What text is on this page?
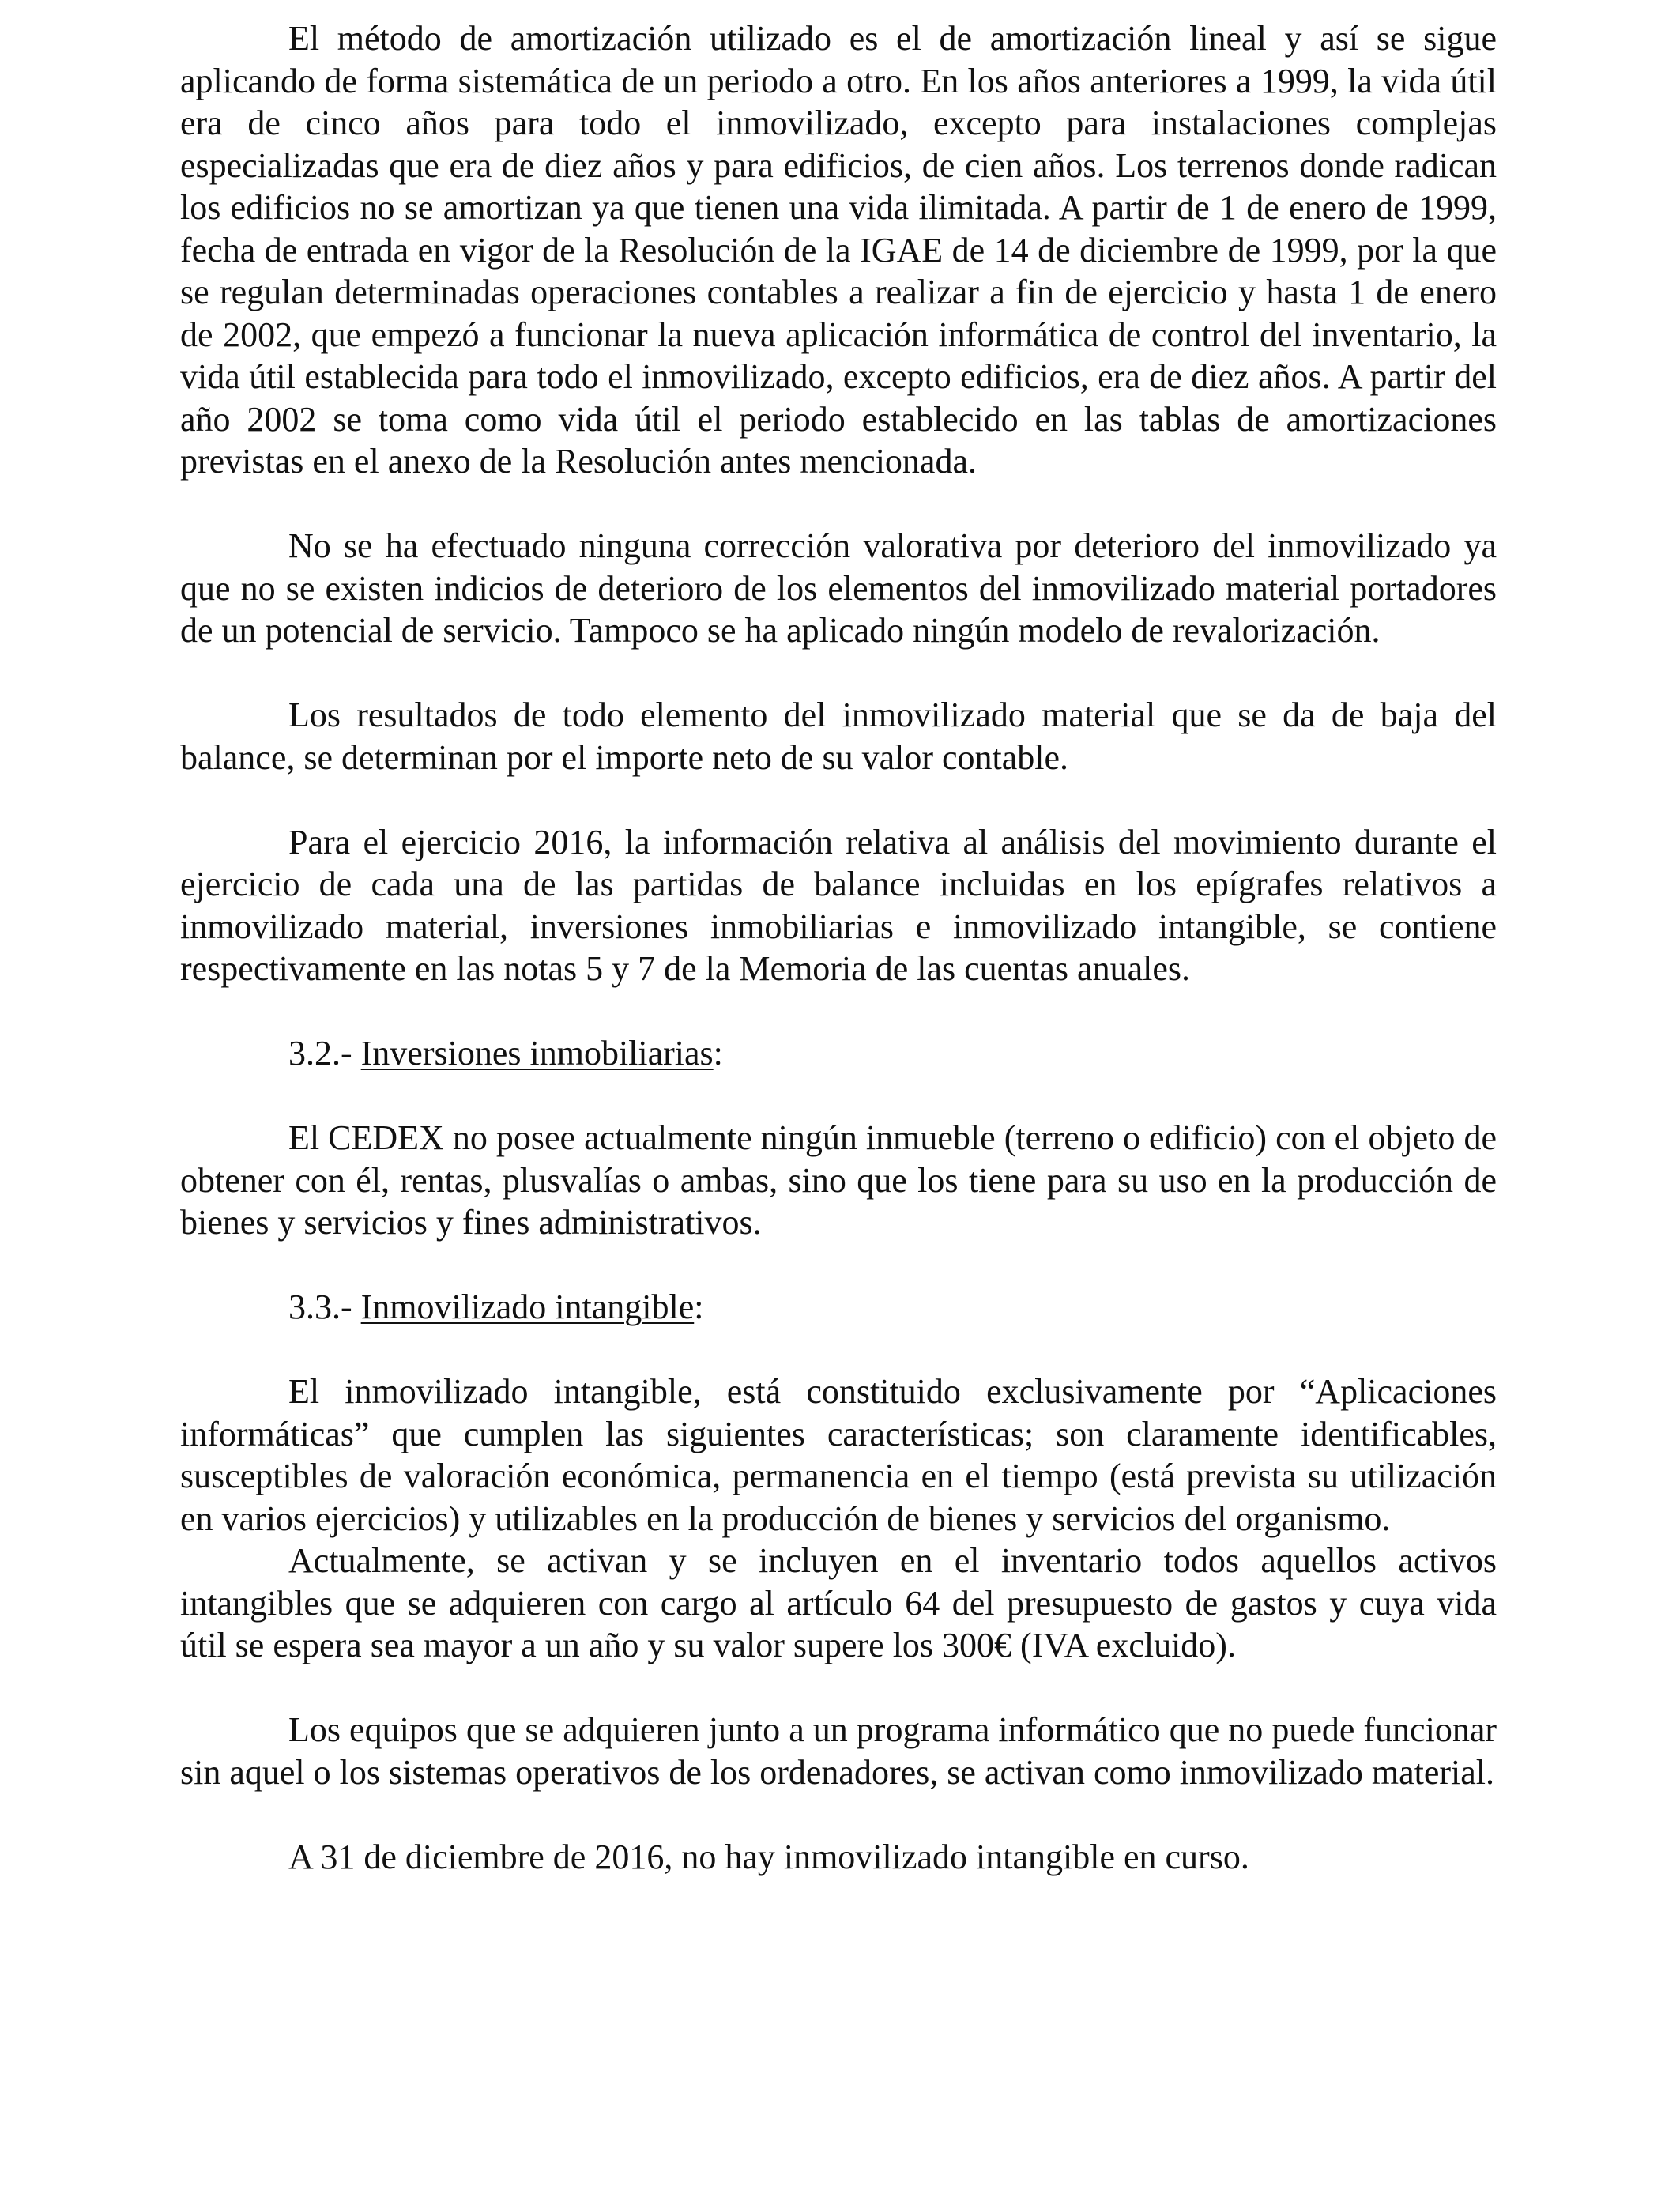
El método de amortización utilizado es el de amortización lineal y así se sigue aplicando de forma sistemática de un periodo a otro. En los años anteriores a 1999, la vida útil era de cinco años para todo el inmovilizado, excepto para instalaciones complejas especializadas que era de diez años y para edificios, de cien años. Los terrenos donde radican los edificios no se amortizan ya que tienen una vida ilimitada. A partir de 1 de enero de 1999, fecha de entrada en vigor de la Resolución de la IGAE de 14 de diciembre de 1999, por la que se regulan determinadas operaciones contables a realizar a fin de ejercicio y hasta 1 de enero de 2002, que empezó a funcionar la nueva aplicación informática de control del inventario, la vida útil establecida para todo el inmovilizado, excepto edificios, era de diez años. A partir del año 2002 se toma como vida útil el periodo establecido en las tablas de amortizaciones previstas en el anexo de la Resolución antes mencionada.

No se ha efectuado ninguna corrección valorativa por deterioro del inmovilizado ya que no se existen indicios de deterioro de los elementos del inmovilizado material portadores de un potencial de servicio. Tampoco se ha aplicado ningún modelo de revalorización.

Los resultados de todo elemento del inmovilizado material que se da de baja del balance, se determinan por el importe neto de su valor contable.

Para el ejercicio 2016, la información relativa al análisis del movimiento durante el ejercicio de cada una de las partidas de balance incluidas en los epígrafes relativos a inmovilizado material, inversiones inmobiliarias e inmovilizado intangible, se contiene respectivamente en las notas 5 y 7 de la Memoria de las cuentas anuales.

3.2.- Inversiones inmobiliarias:

El CEDEX no posee actualmente ningún inmueble (terreno o edificio) con el objeto de obtener con él, rentas, plusvalías o ambas, sino que los tiene para su uso en la producción de bienes y servicios y fines administrativos.

3.3.- Inmovilizado intangible:

El inmovilizado intangible, está constituido exclusivamente por “Aplicaciones informáticas” que cumplen las siguientes características; son claramente identificables, susceptibles de valoración económica, permanencia en el tiempo (está prevista su utilización en varios ejercicios) y utilizables en la producción de bienes y servicios del organismo.

Actualmente, se activan y se incluyen en el inventario todos aquellos activos intangibles que se adquieren con cargo al artículo 64 del presupuesto de gastos y cuya vida útil se espera sea mayor a un año y su valor supere los 300€ (IVA excluido).

Los equipos que se adquieren junto a un programa informático que no puede funcionar sin aquel o los sistemas operativos de los ordenadores, se activan como inmovilizado material.

A 31 de diciembre de 2016, no hay inmovilizado intangible en curso.
